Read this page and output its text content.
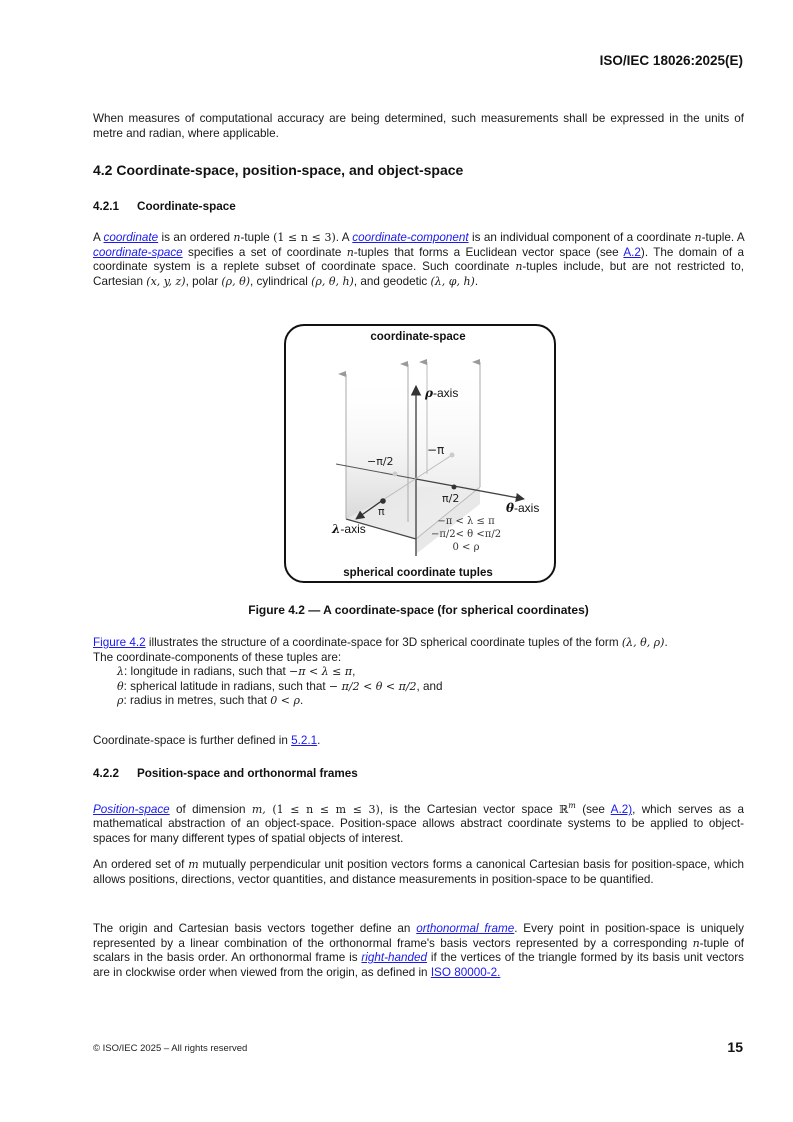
ISO/IEC 18026:2025(E)
When measures of computational accuracy are being determined, such measurements shall be expressed in the units of metre and radian, where applicable.
4.2 Coordinate-space, position-space, and object-space
4.2.1 Coordinate-space
A coordinate is an ordered n-tuple (1 ≤ n ≤ 3). A coordinate-component is an individual component of a coordinate n-tuple. A coordinate-space specifies a set of coordinate n-tuples that forms a Euclidean vector space (see A.2). The domain of a coordinate system is a replete subset of coordinate space. Such coordinate n-tuples include, but are not restricted to, Cartesian (x, y, z), polar (ρ, θ), cylindrical (ρ, θ, h), and geodetic (λ, φ, h).
coordinate-space
ρ-axis
θ-axis
λ-axis
−π/2
−π
π/2
π
−π < λ ≤ π
−π/2< θ <π/2
0 < ρ
spherical coordinate tuples
Figure 4.2 — A coordinate-space (for spherical coordinates)
Figure 4.2 illustrates the structure of a coordinate-space for 3D spherical coordinate tuples of the form (λ, θ, ρ).
The coordinate-components of these tuples are:
λ: longitude in radians, such that −π < λ ≤ π,
θ: spherical latitude in radians, such that − π/2 < θ < π/2, and
ρ: radius in metres, such that 0 < ρ.
Coordinate-space is further defined in 5.2.1.
4.2.2 Position-space and orthonormal frames
Position-space of dimension m, (1 ≤ n ≤ m ≤ 3), is the Cartesian vector space ℝ$^m$ (see A.2), which serves as a mathematical abstraction of an object-space. Position-space allows abstract coordinate systems to be applied to object-spaces for many different types of spatial objects of interest.
An ordered set of m mutually perpendicular unit position vectors forms a canonical Cartesian basis for position-space, which allows positions, directions, vector quantities, and distance measurements in position-space to be quantified.
The origin and Cartesian basis vectors together define an orthonormal frame. Every point in position-space is uniquely represented by a linear combination of the orthonormal frame's basis vectors represented by a corresponding n-tuple of scalars in the basis order. An orthonormal frame is right-handed if the vertices of the triangle formed by its basis unit vectors are in clockwise order when viewed from the origin, as defined in ISO 80000-2.
© ISO/IEC 2025 – All rights reserved	15
